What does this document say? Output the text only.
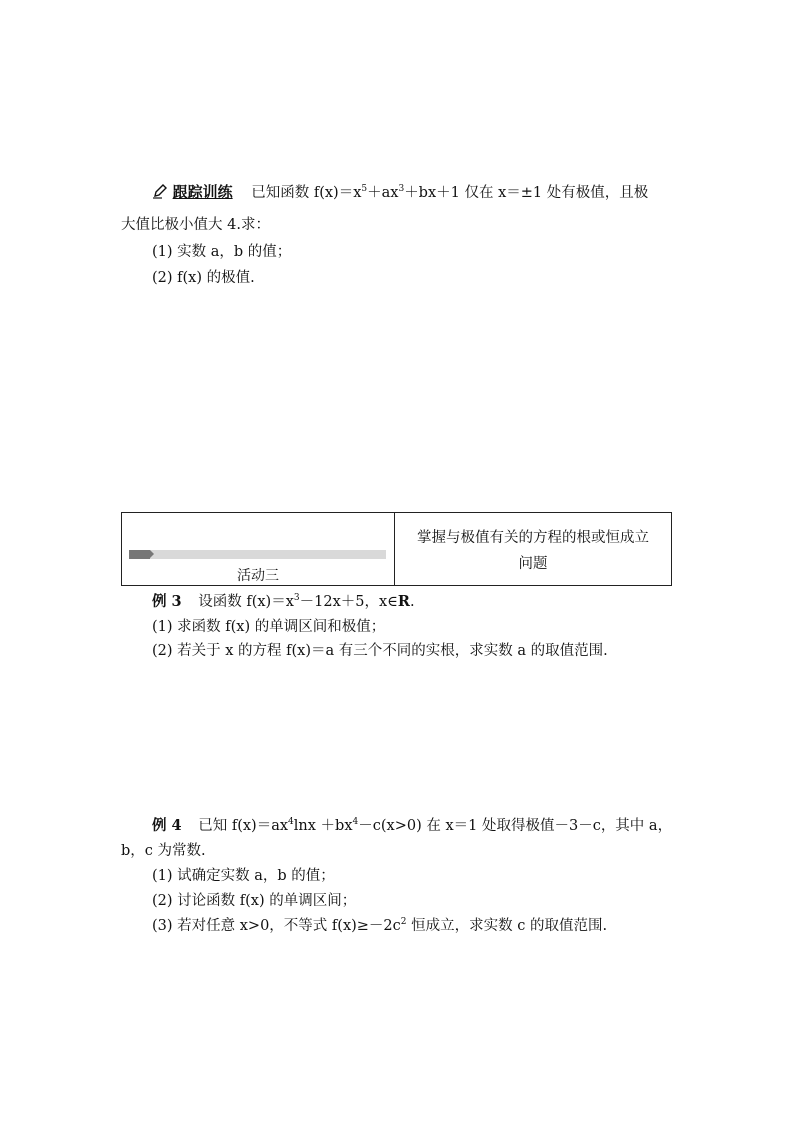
跟踪训练 已知函数 $f(x)=x^5+ax^3+bx+1$ 仅在 x＝±1 处有极值，且极
大值比极小值大 4.求：
(1) 实数 a，b 的值；
(2) f(x) 的极值.
活动三
掌握与极值有关的方程的根或恒成立
问题
例 3 设函数 $f(x)=x^3-12x+5$，x∈R.
(1) 求函数 f(x) 的单调区间和极值；
(2) 若关于 x 的方程 f(x)＝a 有三个不同的实根，求实数 a 的取值范围.
例 4 已知 $f(x)=ax^4\ln x +bx^4-c(x>0)$ 在 x＝1 处取得极值－3－c，其中 a，
b，c 为常数.
(1) 试确定实数 a，b 的值；
(2) 讨论函数 f(x) 的单调区间；
(3) 若对任意 x>0，不等式 $f(x)\ge-2c^2$ 恒成立，求实数 c 的取值范围.
